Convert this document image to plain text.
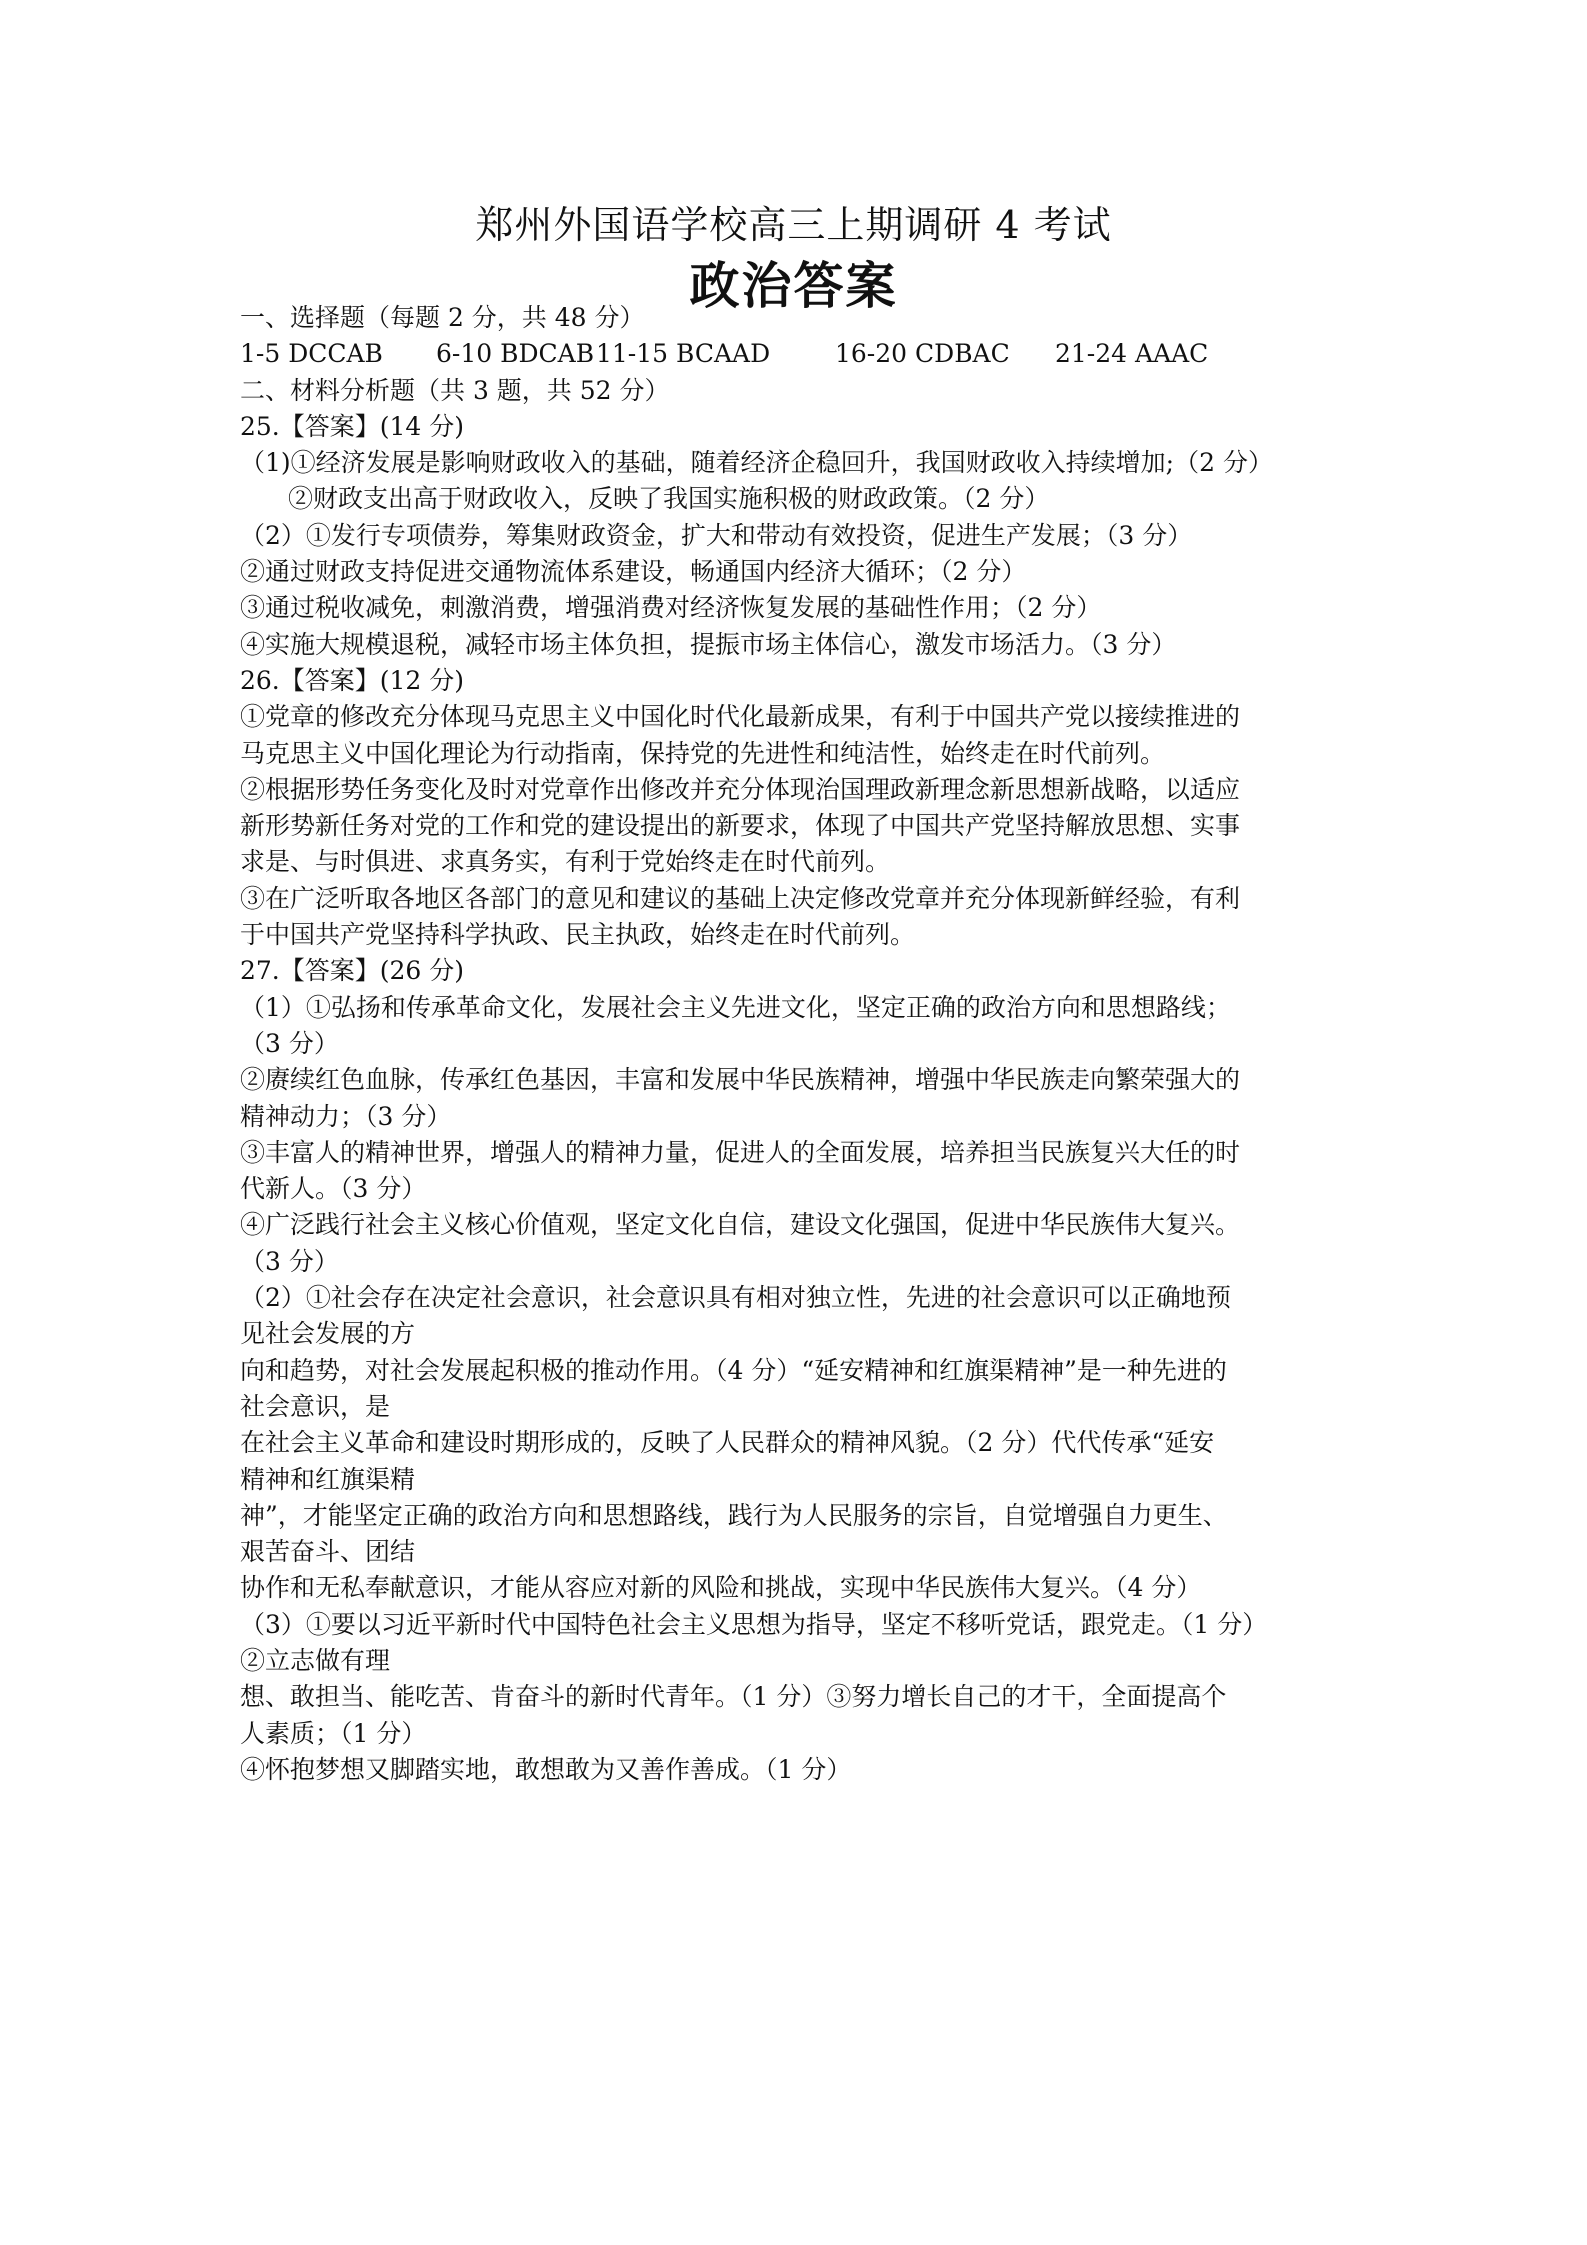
郑州外国语学校高三上期调研 4 考试
政治答案
一、选择题（每题 2 分，共 48 分）
1-5 DCCAB 6-10 BDCAB 11-15 BCAAD	16-20 CDBAC 21-24 AAAC
二、材料分析题（共 3 题，共 52 分）
25.【答案】(14 分)
（1)①经济发展是影响财政收入的基础，随着经济企稳回升，我国财政收入持续增加;（2 分）
②财政支出高于财政收入，反映了我国实施积极的财政政策。（2 分）
（2）①发行专项债券，筹集财政资金，扩大和带动有效投资，促进生产发展；（3 分）
②通过财政支持促进交通物流体系建设，畅通国内经济大循环；（2 分）
③通过税收减免，刺激消费，增强消费对经济恢复发展的基础性作用；（2 分）
④实施大规模退税，减轻市场主体负担，提振市场主体信心，激发市场活力。（3 分）
26.【答案】(12 分)
①党章的修改充分体现马克思主义中国化时代化最新成果，有利于中国共产党以接续推进的
马克思主义中国化理论为行动指南，保持党的先进性和纯洁性，始终走在时代前列。
②根据形势任务变化及时对党章作出修改并充分体现治国理政新理念新思想新战略，以适应
新形势新任务对党的工作和党的建设提出的新要求，体现了中国共产党坚持解放思想、实事
求是、与时俱进、求真务实，有利于党始终走在时代前列。
③在广泛听取各地区各部门的意见和建议的基础上决定修改党章并充分体现新鲜经验，有利
于中国共产党坚持科学执政、民主执政，始终走在时代前列。
27.【答案】(26 分)
（1）①弘扬和传承革命文化，发展社会主义先进文化，坚定正确的政治方向和思想路线；
（3 分）
②赓续红色血脉，传承红色基因，丰富和发展中华民族精神，增强中华民族走向繁荣强大的
精神动力；（3 分）
③丰富人的精神世界，增强人的精神力量，促进人的全面发展，培养担当民族复兴大任的时
代新人。（3 分）
④广泛践行社会主义核心价值观，坚定文化自信，建设文化强国，促进中华民族伟大复兴。
（3 分）
（2）①社会存在决定社会意识，社会意识具有相对独立性，先进的社会意识可以正确地预
见社会发展的方
向和趋势，对社会发展起积极的推动作用。（4 分）“延安精神和红旗渠精神”是一种先进的
社会意识，是
在社会主义革命和建设时期形成的，反映了人民群众的精神风貌。（2 分）代代传承“延安
精神和红旗渠精
神”，才能坚定正确的政治方向和思想路线，践行为人民服务的宗旨，自觉增强自力更生、
艰苦奋斗、团结
协作和无私奉献意识，才能从容应对新的风险和挑战，实现中华民族伟大复兴。（4 分）
（3）①要以习近平新时代中国特色社会主义思想为指导，坚定不移听党话，跟党走。（1 分）
②立志做有理
想、敢担当、能吃苦、肯奋斗的新时代青年。（1 分）③努力增长自己的才干，全面提高个
人素质；（1 分）
④怀抱梦想又脚踏实地，敢想敢为又善作善成。（1 分）
